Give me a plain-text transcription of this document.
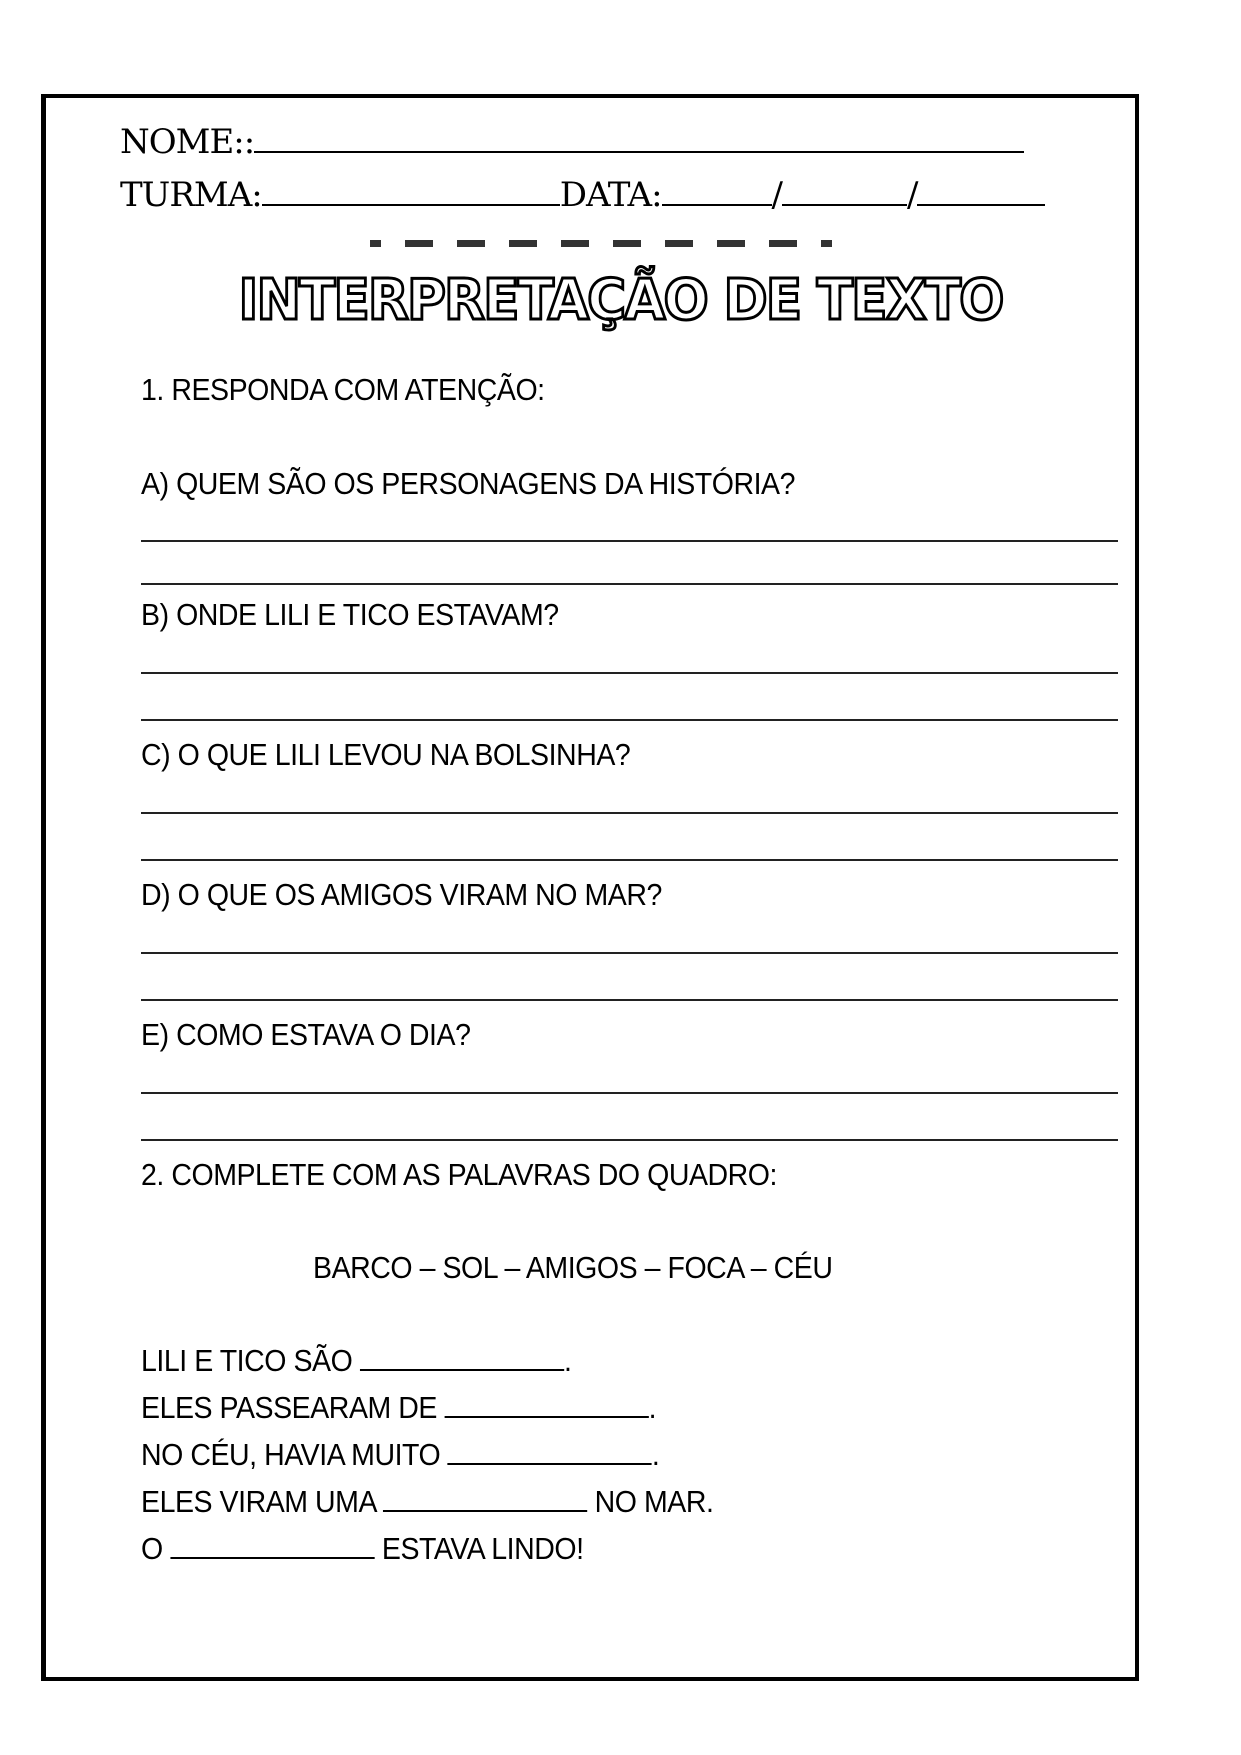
NOME::
TURMA:	DATA:	/	/
INTERPRETAÇÃO DE TEXTO
1. RESPONDA COM ATENÇÃO:
A) QUEM SÃO OS PERSONAGENS DA HISTÓRIA?
B) ONDE LILI E TICO ESTAVAM?
C) O QUE LILI LEVOU NA BOLSINHA?
D) O QUE OS AMIGOS VIRAM NO MAR?
E) COMO ESTAVA O DIA?
2. COMPLETE COM AS PALAVRAS DO QUADRO:
BARCO – SOL – AMIGOS – FOCA – CÉU
LILI E TICO SÃO	.
ELES PASSEARAM DE	.
NO CÉU, HAVIA MUITO	.
ELES VIRAM UMA	NO MAR.
O	ESTAVA LINDO!
